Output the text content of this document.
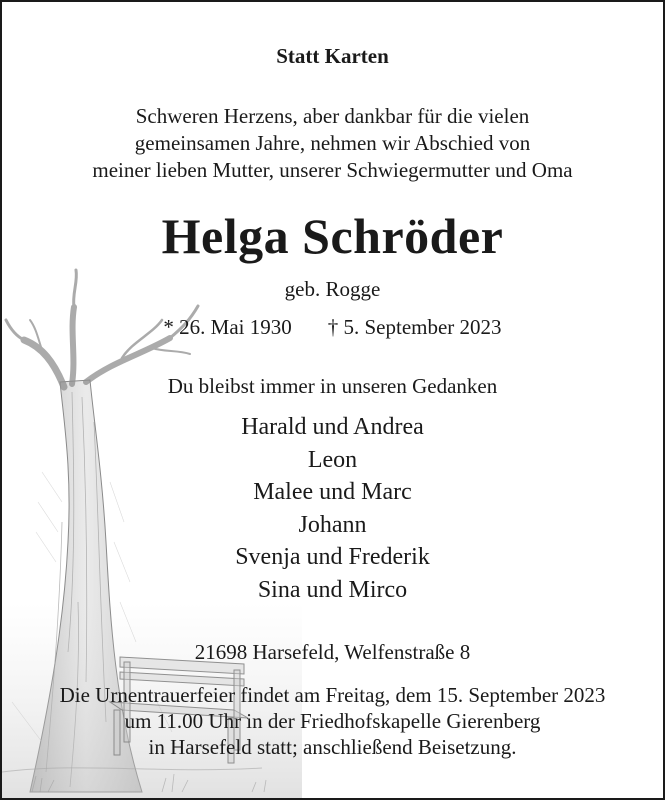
Statt Karten
Schweren Herzens, aber dankbar für die vielen
gemeinsamen Jahre, nehmen wir Abschied von
meiner lieben Mutter, unserer Schwiegermutter und Oma
Helga Schröder
geb. Rogge
* 26. Mai 1930 † 5. September 2023
Du bleibst immer in unseren Gedanken
Harald und Andrea
Leon
Malee und Marc
Johann
Svenja und Frederik
Sina und Mirco
21698 Harsefeld, Welfenstraße 8
Die Urnentrauerfeier findet am Freitag, dem 15. September 2023
um 11.00 Uhr in der Friedhofskapelle Gierenberg
in Harsefeld statt; anschließend Beisetzung.
